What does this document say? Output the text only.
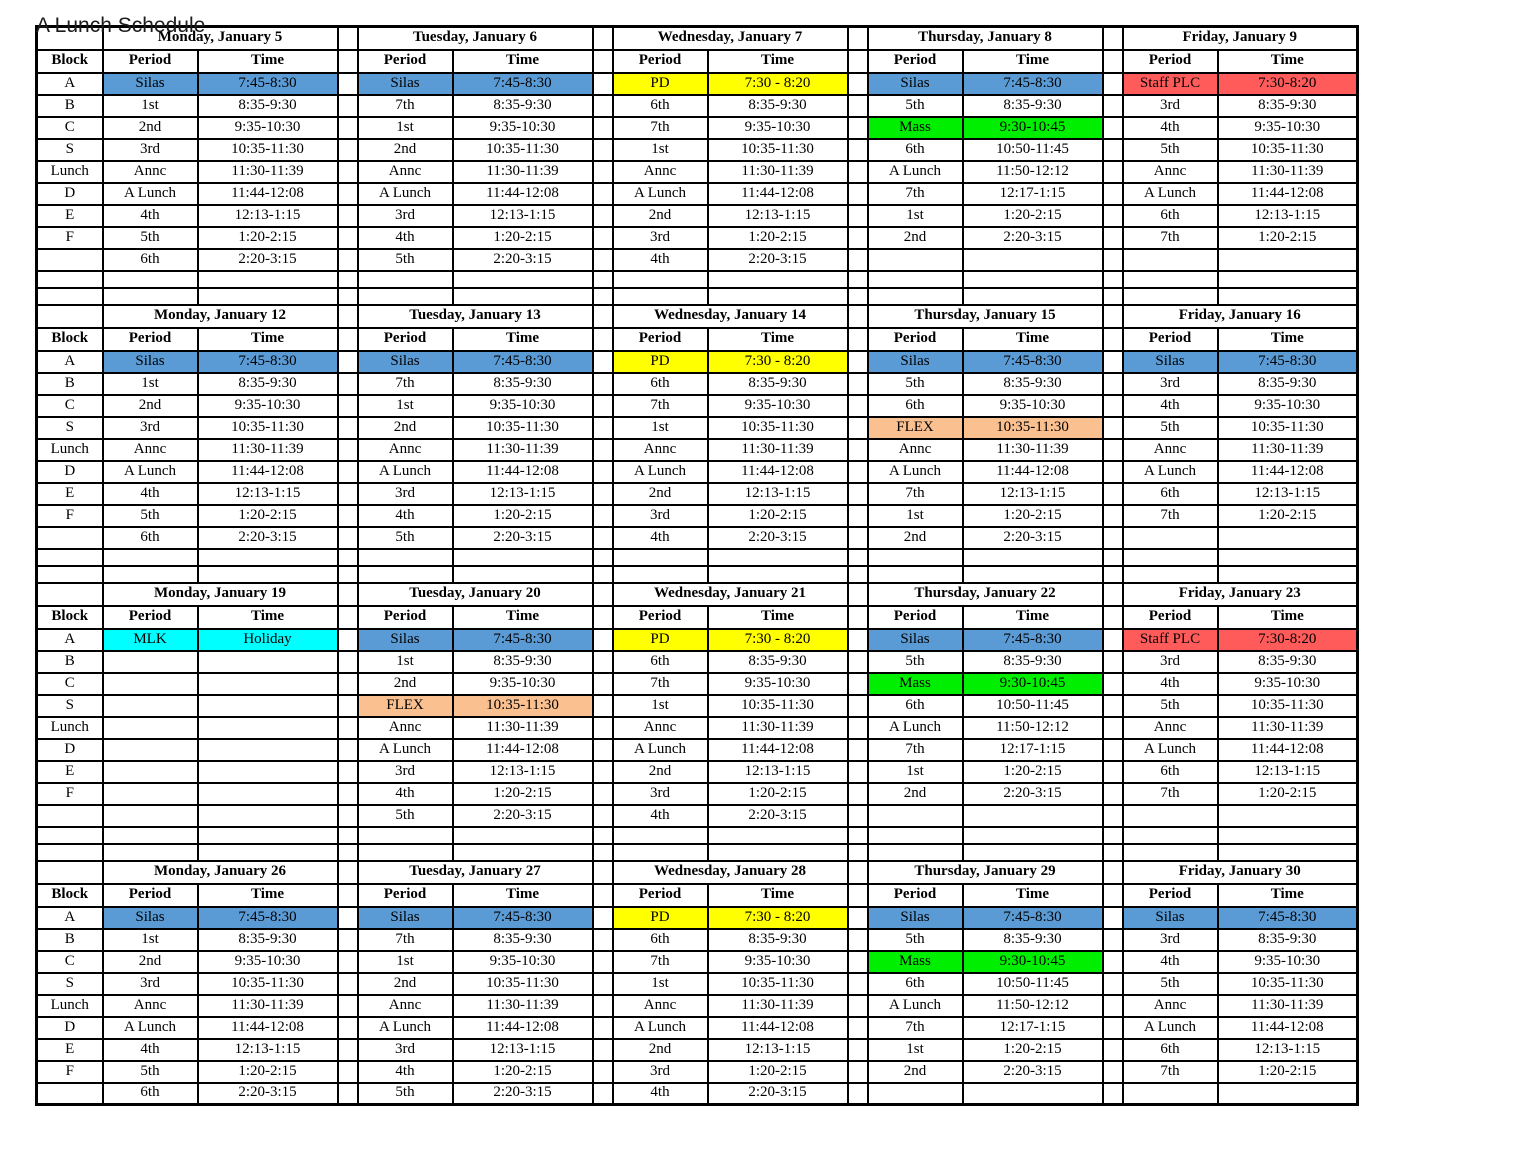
A Lunch Schedule
	Monday, January 5			Tuesday, January 6			Wednesday, January 7			Thursday, January 8			Friday, January 9	
Block	Period	Time		Period	Time		Period	Time		Period	Time		Period	Time
A	Silas	7:45-8:30		Silas	7:45-8:30		PD	7:30 - 8:20		Silas	7:45-8:30		Staff PLC	7:30-8:20
B	1st	8:35-9:30		7th	8:35-9:30		6th	8:35-9:30		5th	8:35-9:30		3rd	8:35-9:30
C	2nd	9:35-10:30		1st	9:35-10:30		7th	9:35-10:30		Mass	9:30-10:45		4th	9:35-10:30
S	3rd	10:35-11:30		2nd	10:35-11:30		1st	10:35-11:30		6th	10:50-11:45		5th	10:35-11:30
Lunch	Annc	11:30-11:39		Annc	11:30-11:39		Annc	11:30-11:39		A Lunch	11:50-12:12		Annc	11:30-11:39
D	A Lunch	11:44-12:08		A Lunch	11:44-12:08		A Lunch	11:44-12:08		7th	12:17-1:15		A Lunch	11:44-12:08
E	4th	12:13-1:15		3rd	12:13-1:15		2nd	12:13-1:15		1st	1:20-2:15		6th	12:13-1:15
F	5th	1:20-2:15		4th	1:20-2:15		3rd	1:20-2:15		2nd	2:20-3:15		7th	1:20-2:15
	6th	2:20-3:15		5th	2:20-3:15		4th	2:20-3:15						

	Monday, January 12			Tuesday, January 13			Wednesday, January 14			Thursday, January 15			Friday, January 16	
Block	Period	Time		Period	Time		Period	Time		Period	Time		Period	Time
A	Silas	7:45-8:30		Silas	7:45-8:30		PD	7:30 - 8:20		Silas	7:45-8:30		Silas	7:45-8:30
B	1st	8:35-9:30		7th	8:35-9:30		6th	8:35-9:30		5th	8:35-9:30		3rd	8:35-9:30
C	2nd	9:35-10:30		1st	9:35-10:30		7th	9:35-10:30		6th	9:35-10:30		4th	9:35-10:30
S	3rd	10:35-11:30		2nd	10:35-11:30		1st	10:35-11:30		FLEX	10:35-11:30		5th	10:35-11:30
Lunch	Annc	11:30-11:39		Annc	11:30-11:39		Annc	11:30-11:39		Annc	11:30-11:39		Annc	11:30-11:39
D	A Lunch	11:44-12:08		A Lunch	11:44-12:08		A Lunch	11:44-12:08		A Lunch	11:44-12:08		A Lunch	11:44-12:08
E	4th	12:13-1:15		3rd	12:13-1:15		2nd	12:13-1:15		7th	12:13-1:15		6th	12:13-1:15
F	5th	1:20-2:15		4th	1:20-2:15		3rd	1:20-2:15		1st	1:20-2:15		7th	1:20-2:15
	6th	2:20-3:15		5th	2:20-3:15		4th	2:20-3:15		2nd	2:20-3:15			

	Monday, January 19			Tuesday, January 20			Wednesday, January 21			Thursday, January 22			Friday, January 23	
Block	Period	Time		Period	Time		Period	Time		Period	Time		Period	Time
A	MLK	Holiday		Silas	7:45-8:30		PD	7:30 - 8:20		Silas	7:45-8:30		Staff PLC	7:30-8:20
B				1st	8:35-9:30		6th	8:35-9:30		5th	8:35-9:30		3rd	8:35-9:30
C				2nd	9:35-10:30		7th	9:35-10:30		Mass	9:30-10:45		4th	9:35-10:30
S				FLEX	10:35-11:30		1st	10:35-11:30		6th	10:50-11:45		5th	10:35-11:30
Lunch				Annc	11:30-11:39		Annc	11:30-11:39		A Lunch	11:50-12:12		Annc	11:30-11:39
D				A Lunch	11:44-12:08		A Lunch	11:44-12:08		7th	12:17-1:15		A Lunch	11:44-12:08
E				3rd	12:13-1:15		2nd	12:13-1:15		1st	1:20-2:15		6th	12:13-1:15
F				4th	1:20-2:15		3rd	1:20-2:15		2nd	2:20-3:15		7th	1:20-2:15
				5th	2:20-3:15		4th	2:20-3:15						

	Monday, January 26			Tuesday, January 27			Wednesday, January 28			Thursday, January 29			Friday, January 30	
Block	Period	Time		Period	Time		Period	Time		Period	Time		Period	Time
A	Silas	7:45-8:30		Silas	7:45-8:30		PD	7:30 - 8:20		Silas	7:45-8:30		Silas	7:45-8:30
B	1st	8:35-9:30		7th	8:35-9:30		6th	8:35-9:30		5th	8:35-9:30		3rd	8:35-9:30
C	2nd	9:35-10:30		1st	9:35-10:30		7th	9:35-10:30		Mass	9:30-10:45		4th	9:35-10:30
S	3rd	10:35-11:30		2nd	10:35-11:30		1st	10:35-11:30		6th	10:50-11:45		5th	10:35-11:30
Lunch	Annc	11:30-11:39		Annc	11:30-11:39		Annc	11:30-11:39		A Lunch	11:50-12:12		Annc	11:30-11:39
D	A Lunch	11:44-12:08		A Lunch	11:44-12:08		A Lunch	11:44-12:08		7th	12:17-1:15		A Lunch	11:44-12:08
E	4th	12:13-1:15		3rd	12:13-1:15		2nd	12:13-1:15		1st	1:20-2:15		6th	12:13-1:15
F	5th	1:20-2:15		4th	1:20-2:15		3rd	1:20-2:15		2nd	2:20-3:15		7th	1:20-2:15
	6th	2:20-3:15		5th	2:20-3:15		4th	2:20-3:15						
